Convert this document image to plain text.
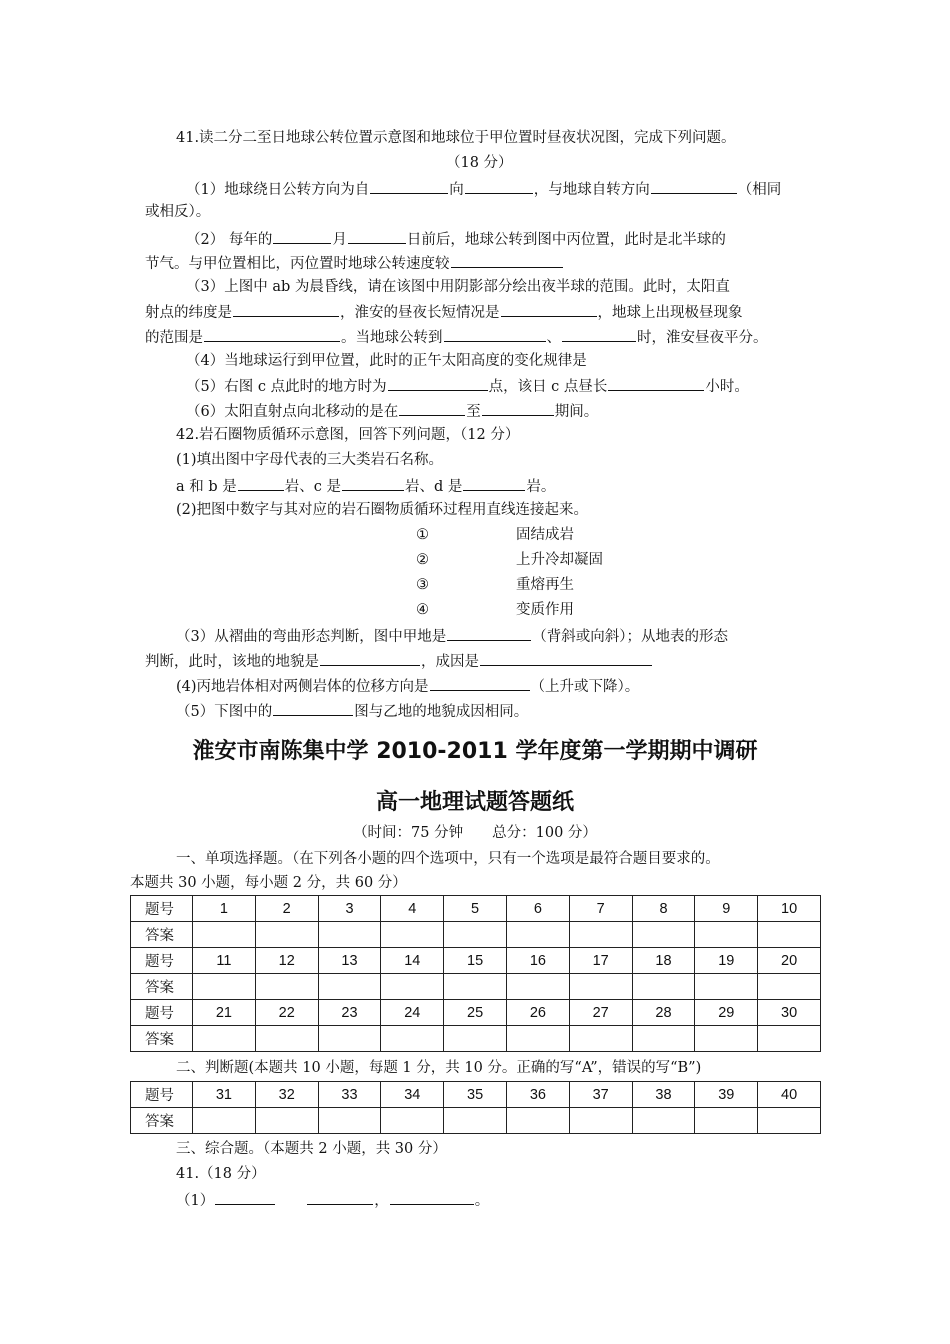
41.读二分二至日地球公转位置示意图和地球位于甲位置时昼夜状况图，完成下列问题。
（18 分）
（1）地球绕日公转方向为自	向	，与地球自转方向	（相同
或相反）。
（2） 每年的	月	日前后，地球公转到图中丙位置，此时是北半球的
节气。与甲位置相比，丙位置时地球公转速度较
（3）上图中 ab 为晨昏线，请在该图中用阴影部分绘出夜半球的范围。此时，太阳直
射点的纬度是	，淮安的昼夜长短情况是	，地球上出现极昼现象
的范围是	。当地球公转到	、	时，淮安昼夜平分。
（4）当地球运行到甲位置，此时的正午太阳高度的变化规律是
（5）右图 c 点此时的地方时为	点，该日 c 点昼长	小时。
（6）太阳直射点向北移动的是在	至	期间。
42.岩石圈物质循环示意图，回答下列问题，（12 分）
(1)填出图中字母代表的三大类岩石名称。
a 和 b 是	岩、c 是	岩、d 是	岩。
(2)把图中数字与其对应的岩石圈物质循环过程用直线连接起来。
①	固结成岩
②	上升冷却凝固
③	重熔再生
④	变质作用
（3）从褶曲的弯曲形态判断，图中甲地是	（背斜或向斜）；从地表的形态
判断，此时，该地的地貌是	，成因是
(4)丙地岩体相对两侧岩体的位移方向是	（上升或下降）。
（5）下图中的	图与乙地的地貌成因相同。
淮安市南陈集中学 2010-2011 学年度第一学期期中调研
高一地理试题答题纸
（时间：75 分钟　　总分：100 分）
一、单项选择题。（在下列各小题的四个选项中，只有一个选项是最符合题目要求的。
本题共 30 小题，每小题 2 分，共 60 分）
题号	1	2	3	4	5	6	7	8	9	10
答案										
题号	11	12	13	14	15	16	17	18	19	20
答案										
题号	21	22	23	24	25	26	27	28	29	30
答案										
二、判断题(本题共 10 小题，每题 1 分，共 10 分。正确的写“A”，错误的写“B”)
题号	31	32	33	34	35	36	37	38	39	40
答案										
三、综合题。（本题共 2 小题，共 30 分）
41.（18 分）
（1）	，	。
